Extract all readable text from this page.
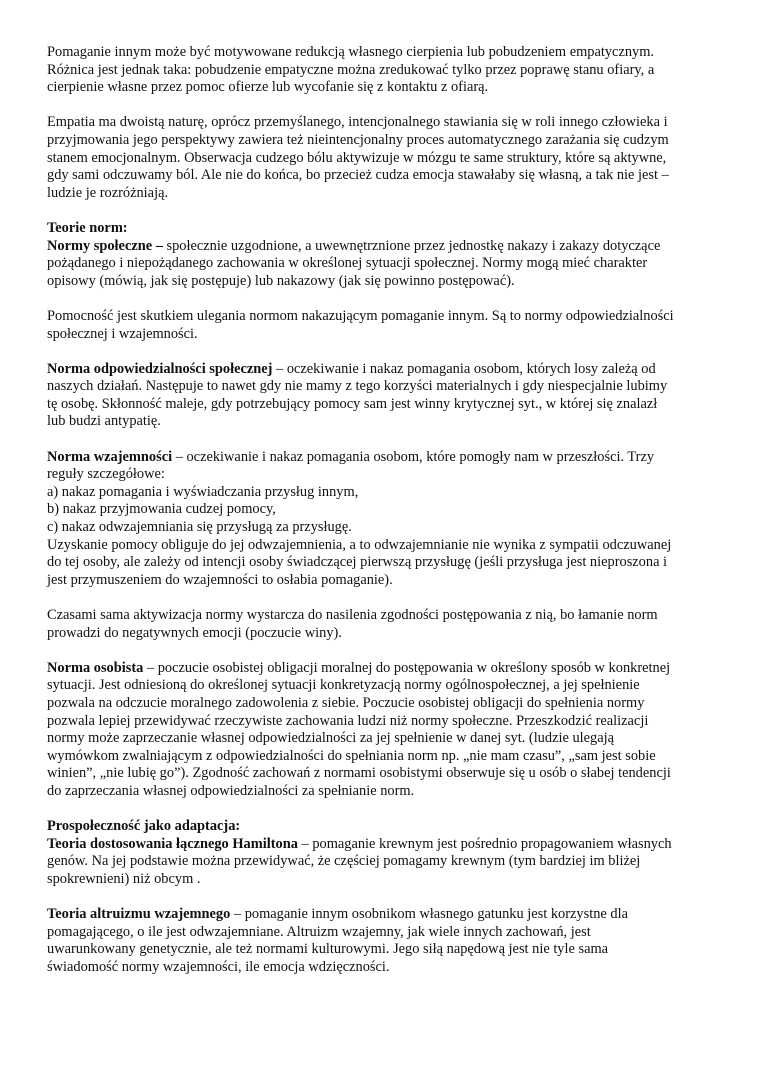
Pomaganie innym może być motywowane redukcją własnego cierpienia lub pobudzeniem empatycznym.
Różnica jest jednak taka: pobudzenie empatyczne można zredukować tylko przez poprawę stanu ofiary, a
cierpienie własne przez pomoc ofierze lub wycofanie się z kontaktu z ofiarą.

Empatia ma dwoistą naturę, oprócz przemyślanego, intencjonalnego stawiania się w roli innego człowieka i
przyjmowania jego perspektywy zawiera też nieintencjonalny proces automatycznego zarażania się cudzym
stanem emocjonalnym. Obserwacja cudzego bólu aktywizuje w mózgu te same struktury, które są aktywne,
gdy sami odczuwamy ból. Ale nie do końca, bo przecież cudza emocja stawałaby się własną, a tak nie jest –
ludzie je rozróżniają.

Teorie norm:
Normy społeczne – społecznie uzgodnione, a uwewnętrznione przez jednostkę nakazy i zakazy dotyczące
pożądanego i niepożądanego zachowania w określonej sytuacji społecznej. Normy mogą mieć charakter
opisowy (mówią, jak się postępuje) lub nakazowy (jak się powinno postępować).

Pomocność jest skutkiem ulegania normom nakazującym pomaganie innym. Są to normy odpowiedzialności
społecznej i wzajemności.

Norma odpowiedzialności społecznej – oczekiwanie i nakaz pomagania osobom, których losy zależą od
naszych działań. Następuje to nawet gdy nie mamy z tego korzyści materialnych i gdy niespecjalnie lubimy
tę osobę. Skłonność maleje, gdy potrzebujący pomocy sam jest winny krytycznej syt., w której się znalazł
lub budzi antypatię.

Norma wzajemności – oczekiwanie i nakaz pomagania osobom, które pomogły nam w przeszłości. Trzy
reguły szczegółowe:
a) nakaz pomagania i wyświadczania przysług innym,
b) nakaz przyjmowania cudzej pomocy,
c) nakaz odwzajemniania się przysługą za przysługę.
Uzyskanie pomocy obliguje do jej odwzajemnienia, a to odwzajemnianie nie wynika z sympatii odczuwanej
do tej osoby, ale zależy od intencji osoby świadczącej pierwszą przysługę (jeśli przysługa jest nieproszona i
jest przymuszeniem do wzajemności to osłabia pomaganie).

Czasami sama aktywizacja normy wystarcza do nasilenia zgodności postępowania z nią, bo łamanie norm
prowadzi do negatywnych emocji (poczucie winy).

Norma osobista – poczucie osobistej obligacji moralnej do postępowania w określony sposób w konkretnej
sytuacji. Jest odniesioną do określonej sytuacji konkretyzacją normy ogólnospołecznej, a jej spełnienie
pozwala na odczucie moralnego zadowolenia z siebie. Poczucie osobistej obligacji do spełnienia normy
pozwala lepiej przewidywać rzeczywiste zachowania ludzi niż normy społeczne. Przeszkodzić realizacji
normy może zaprzeczanie własnej odpowiedzialności za jej spełnienie w danej syt. (ludzie ulegają
wymówkom zwalniającym z odpowiedzialności do spełniania norm np. „nie mam czasu”, „sam jest sobie
winien”, „nie lubię go”). Zgodność zachowań z normami osobistymi obserwuje się u osób o słabej tendencji
do zaprzeczania własnej odpowiedzialności za spełnianie norm.

Prospołeczność jako adaptacja:
Teoria dostosowania łącznego Hamiltona – pomaganie krewnym jest pośrednio propagowaniem własnych
genów. Na jej podstawie można przewidywać, że częściej pomagamy krewnym (tym bardziej im bliżej
spokrewnieni) niż obcym .

Teoria altruizmu wzajemnego – pomaganie innym osobnikom własnego gatunku jest korzystne dla
pomagającego, o ile jest odwzajemniane. Altruizm wzajemny, jak wiele innych zachowań, jest
uwarunkowany genetycznie, ale też normami kulturowymi. Jego siłą napędową jest nie tyle sama
świadomość normy wzajemności, ile emocja wdzięczności.
